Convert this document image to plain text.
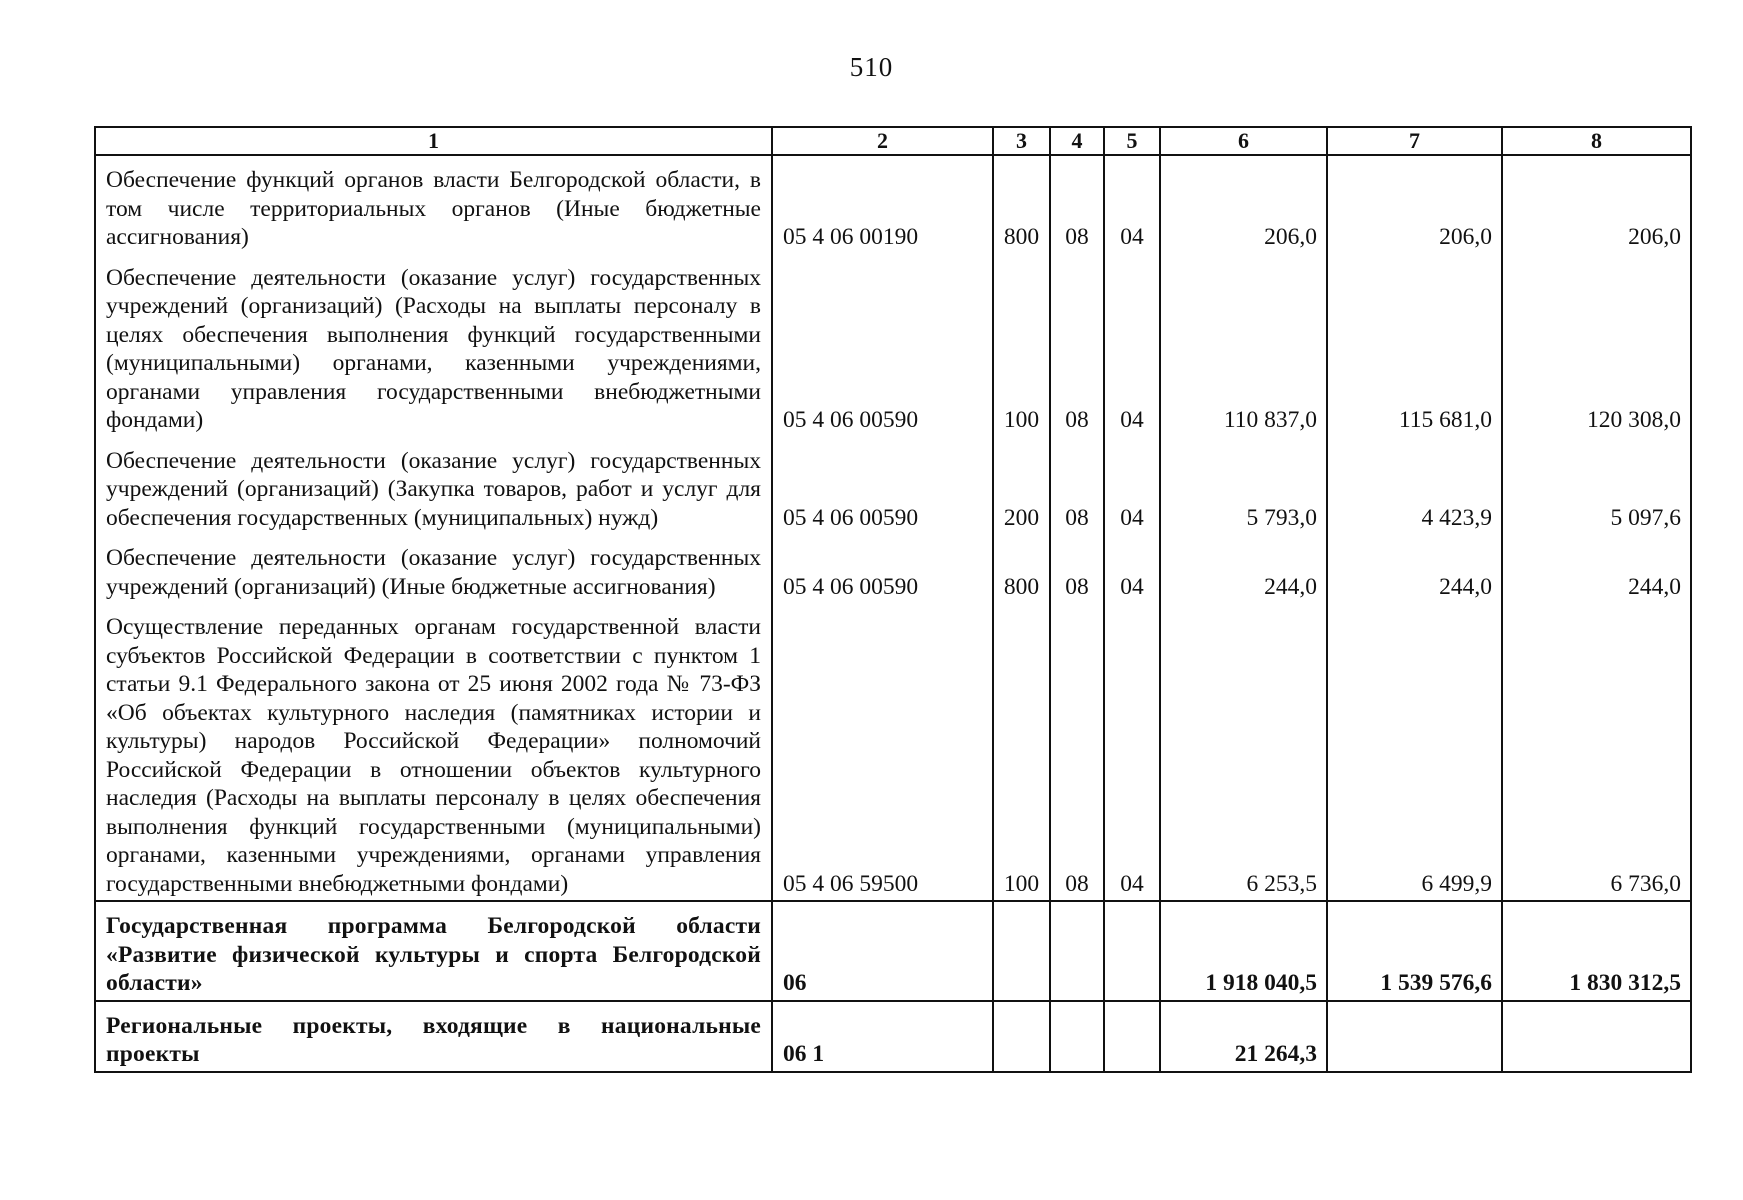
510
1	2	3	4	5	6	7	8
Обеспечение функций органов власти Белгородской области, в том числе территориальных органов (Иные бюджетные ассигнования)	05 4 06 00190	800	08	04	206,0	206,0	206,0
Обеспечение деятельности (оказание услуг) государственных учреждений (организаций) (Расходы на выплаты персоналу в целях обеспечения выполнения функций государственными (муниципальными) органами, казенными учреждениями, органами управления государственными внебюджетными фондами)	05 4 06 00590	100	08	04	110 837,0	115 681,0	120 308,0
Обеспечение деятельности (оказание услуг) государственных учреждений (организаций) (Закупка товаров, работ и услуг для обеспечения государственных (муниципальных) нужд)	05 4 06 00590	200	08	04	5 793,0	4 423,9	5 097,6
Обеспечение деятельности (оказание услуг) государственных учреждений (организаций) (Иные бюджетные ассигнования)	05 4 06 00590	800	08	04	244,0	244,0	244,0
Осуществление переданных органам государственной власти субъектов Российской Федерации в соответствии с пунктом 1 статьи 9.1 Федерального закона от 25 июня 2002 года № 73-ФЗ «Об объектах культурного наследия (памятниках истории и культуры) народов Российской Федерации» полномочий Российской Федерации в отношении объектов культурного наследия (Расходы на выплаты персоналу в целях обеспечения выполнения функций государственными (муниципальными) органами, казенными учреждениями, органами управления государственными внебюджетными фондами)	05 4 06 59500	100	08	04	6 253,5	6 499,9	6 736,0
Государственная программа Белгородской области «Развитие физической культуры и спорта Белгородской области»	06				1 918 040,5	1 539 576,6	1 830 312,5
Региональные проекты, входящие в национальные проекты	06 1				21 264,3		
